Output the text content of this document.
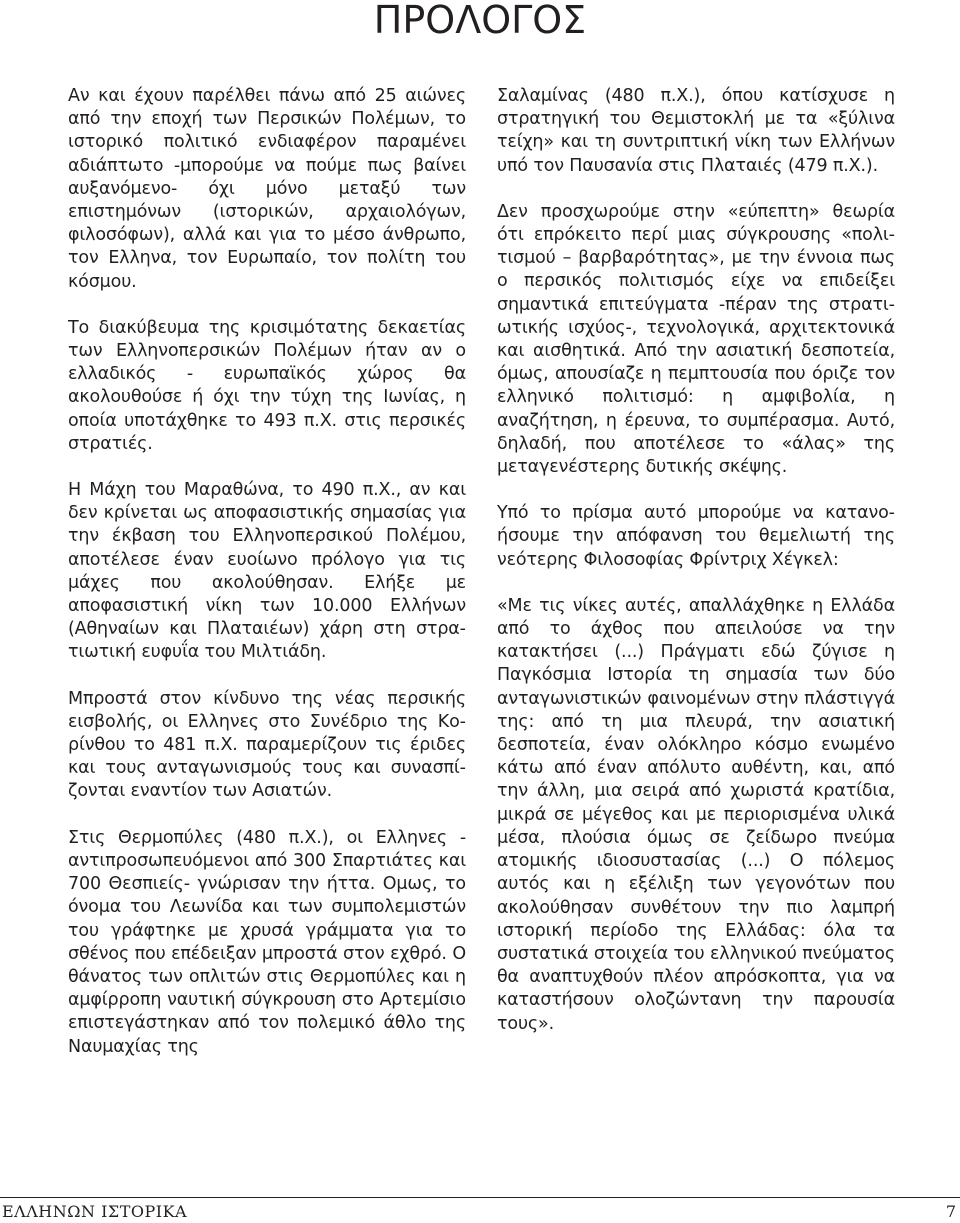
ΠΡΟΛΟΓΟΣ

Αν και έχουν παρέλθει πάνω από 25 αιώνες από την εποχή των Περσικών Πολέμων, το ιστορικό πολιτικό ενδιαφέρον παραμένει αδιάπτωτο -μπορούμε να πούμε πως βαίνει αυξανόμενο- όχι μόνο μεταξύ των επιστημόνων (ιστορικών, αρχαιολόγων, φιλοσόφων), αλλά και για το μέσο άνθρωπο, τον Ελληνα, τον Ευρωπαίο, τον πολίτη του κόσμου.

Το διακύβευμα της κρισιμότατης δεκαετίας των Ελληνοπερσικών Πολέμων ήταν αν ο ελλαδικός - ευρωπαϊκός χώρος θα ακολουθούσε ή όχι την τύχη της Ιωνίας, η οποία υποτάχθηκε το 493 π.Χ. στις περσικές στρατιές.

Η Μάχη του Μαραθώνα, το 490 π.Χ., αν και δεν κρίνεται ως αποφασιστικής σημασίας για την έκβαση του Ελληνοπερσικού Πολέμου, αποτέλεσε έναν ευοίωνο πρόλογο για τις μάχες που ακολούθησαν. Ελήξε με αποφασιστική νίκη των 10.000 Ελλήνων (Αθηναίων και Πλαταιέων) χάρη στη στρατιωτική ευφυΐα του Μιλτιάδη.

Μπροστά στον κίνδυνο της νέας περσικής εισβολής, οι Ελληνες στο Συνέδριο της Κορίνθου το 481 π.Χ. παραμερίζουν τις έριδες και τους ανταγωνισμούς τους και συνασπίζονται εναντίον των Ασιατών.

Στις Θερμοπύλες (480 π.Χ.), οι Ελληνες - αντιπροσωπευόμενοι από 300 Σπαρτιάτες και 700 Θεσπιείς- γνώρισαν την ήττα. Ομως, το όνομα του Λεωνίδα και των συμπολεμιστών του γράφτηκε με χρυσά γράμματα για το σθένος που επέδειξαν μπροστά στον εχθρό. Ο θάνατος των οπλιτών στις Θερμοπύλες και η αμφίρροπη ναυτική σύγκρουση στο Αρτεμίσιο επιστεγάστηκαν από τον πολεμικό άθλο της Ναυμαχίας της

Σαλαμίνας (480 π.Χ.), όπου κατίσχυσε η στρατηγική του Θεμιστοκλή με τα «ξύλινα τείχη» και τη συντριπτική νίκη των Ελλήνων υπό τον Παυσανία στις Πλαταιές (479 π.Χ.).

Δεν προσχωρούμε στην «εύπεπτη» θεωρία ότι επρόκειτο περί μιας σύγκρουσης «πολιτισμού – βαρβαρότητας», με την έννοια πως ο περσικός πολιτισμός είχε να επιδείξει σημαντικά επιτεύγματα -πέραν της στρατιωτικής ισχύος-, τεχνολογικά, αρχιτεκτονικά και αισθητικά. Από την ασιατική δεσποτεία, όμως, απουσίαζε η πεμπτουσία που όριζε τον ελληνικό πολιτισμό: η αμφιβολία, η αναζήτηση, η έρευνα, το συμπέρασμα. Αυτό, δηλαδή, που αποτέλεσε το «άλας» της μεταγενέστερης δυτικής σκέψης.

Υπό το πρίσμα αυτό μπορούμε να κατανοήσουμε την απόφανση του θεμελιωτή της νεότερης Φιλοσοφίας Φρίντριχ Χέγκελ:

«Με τις νίκες αυτές, απαλλάχθηκε η Ελλάδα από το άχθος που απειλούσε να την κατακτήσει (...) Πράγματι εδώ ζύγισε η Παγκόσμια Ιστορία τη σημασία των δύο ανταγωνιστικών φαινομένων στην πλάστιγγά της: από τη μια πλευρά, την ασιατική δεσποτεία, έναν ολόκληρο κόσμο ενωμένο κάτω από έναν απόλυτο αυθέντη, και, από την άλλη, μια σειρά από χωριστά κρατίδια, μικρά σε μέγεθος και με περιορισμένα υλικά μέσα, πλούσια όμως σε ζείδωρο πνεύμα ατομικής ιδιοσυστασίας (...) Ο πόλεμος αυτός και η εξέλιξη των γεγονότων που ακολούθησαν συνθέτουν την πιο λαμπρή ιστορική περίοδο της Ελλάδας: όλα τα συστατικά στοιχεία του ελληνικού πνεύματος θα αναπτυχθούν πλέον απρόσκοπτα, για να καταστήσουν ολοζώντανη την παρουσία τους».

ΕΛΛΗΝΩΝ ΙΣΤΟΡΙΚΑ	7
